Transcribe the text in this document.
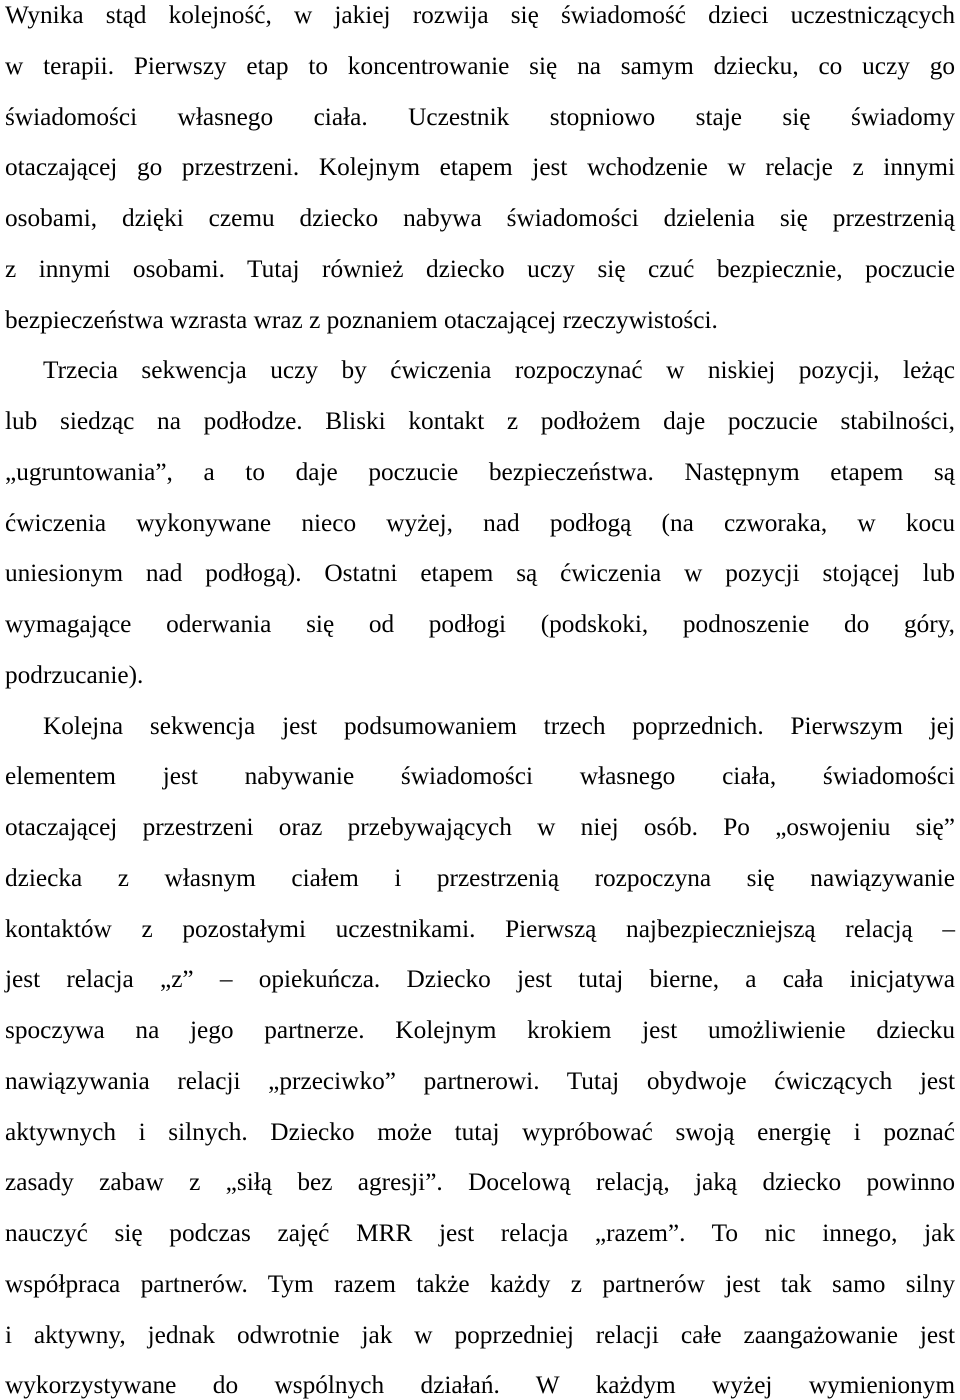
Wynika stąd kolejność, w jakiej rozwija się świadomość dzieci uczestniczących
w terapii. Pierwszy etap to koncentrowanie się na samym dziecku, co uczy go
świadomości własnego ciała. Uczestnik stopniowo staje się świadomy
otaczającej go przestrzeni. Kolejnym etapem jest wchodzenie w relacje z innymi
osobami, dzięki czemu dziecko nabywa świadomości dzielenia się przestrzenią
z innymi osobami. Tutaj również dziecko uczy się czuć bezpiecznie, poczucie
bezpieczeństwa wzrasta wraz z poznaniem otaczającej rzeczywistości.
Trzecia sekwencja uczy by ćwiczenia rozpoczynać w niskiej pozycji, leżąc
lub siedząc na podłodze. Bliski kontakt z podłożem daje poczucie stabilności,
„ugruntowania”, a to daje poczucie bezpieczeństwa. Następnym etapem są
ćwiczenia wykonywane nieco wyżej, nad podłogą (na czworaka, w kocu
uniesionym nad podłogą). Ostatni etapem są ćwiczenia w pozycji stojącej lub
wymagające oderwania się od podłogi (podskoki, podnoszenie do góry,
podrzucanie).
Kolejna sekwencja jest podsumowaniem trzech poprzednich. Pierwszym jej
elementem jest nabywanie świadomości własnego ciała, świadomości
otaczającej przestrzeni oraz przebywających w niej osób. Po „oswojeniu się”
dziecka z własnym ciałem i przestrzenią rozpoczyna się nawiązywanie
kontaktów z pozostałymi uczestnikami. Pierwszą najbezpieczniejszą relacją –
jest relacja „z” – opiekuńcza. Dziecko jest tutaj bierne, a cała inicjatywa
spoczywa na jego partnerze. Kolejnym krokiem jest umożliwienie dziecku
nawiązywania relacji „przeciwko” partnerowi. Tutaj obydwoje ćwiczących jest
aktywnych i silnych. Dziecko może tutaj wypróbować swoją energię i poznać
zasady zabaw z „siłą bez agresji”. Docelową relacją, jaką dziecko powinno
nauczyć się podczas zajęć MRR jest relacja „razem”. To nic innego, jak
współpraca partnerów. Tym razem także każdy z partnerów jest tak samo silny
i aktywny, jednak odwrotnie jak w poprzedniej relacji całe zaangażowanie jest
wykorzystywane do wspólnych działań. W każdym wyżej wymienionym
